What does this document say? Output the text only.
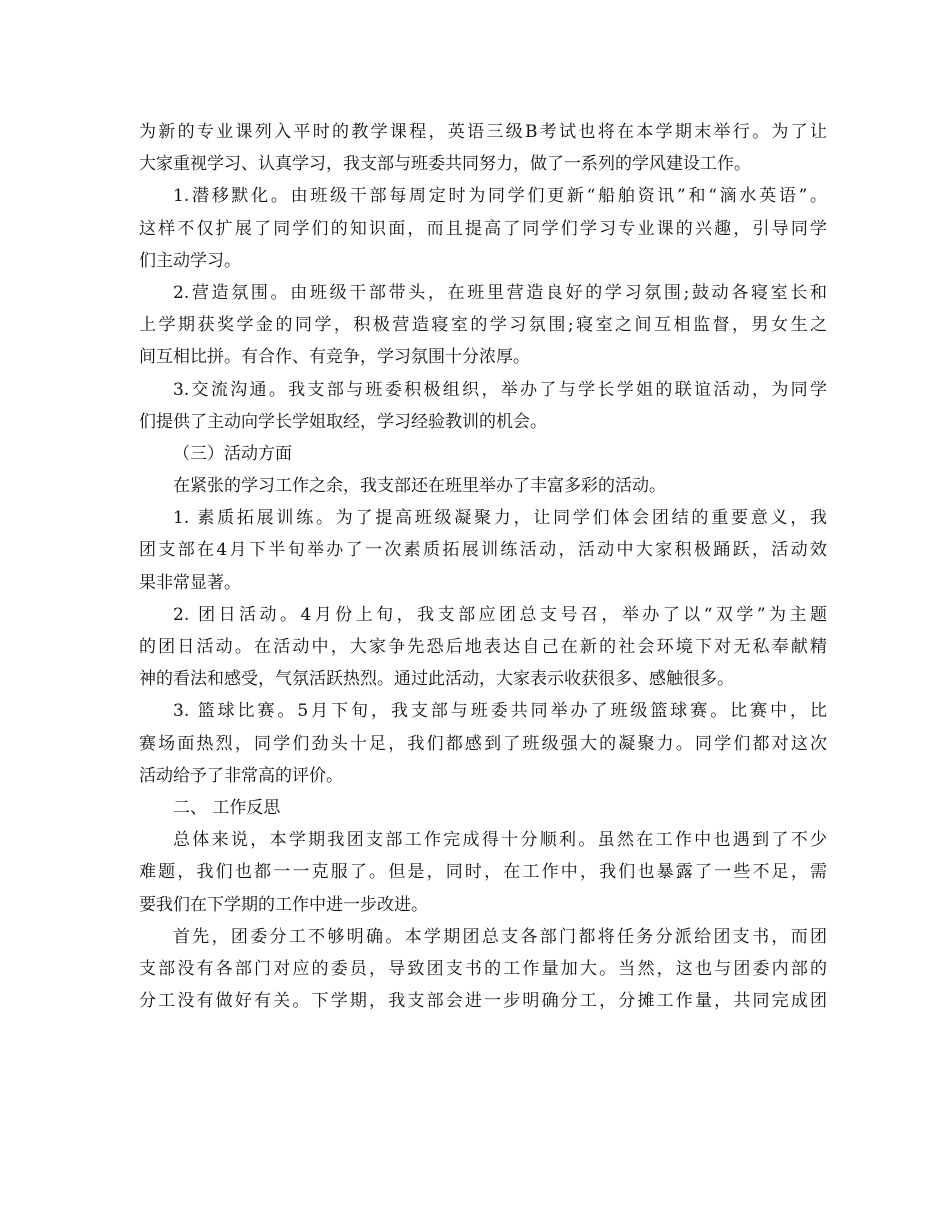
为新的专业课列入平时的教学课程，英语三级B考试也将在本学期末举行。为了让
大家重视学习、认真学习，我支部与班委共同努力，做了一系列的学风建设工作。
1.潜移默化。由班级干部每周定时为同学们更新“船舶资讯”和“滴水英语”。
这样不仅扩展了同学们的知识面，而且提高了同学们学习专业课的兴趣，引导同学
们主动学习。
2.营造氛围。由班级干部带头，在班里营造良好的学习氛围;鼓动各寝室长和
上学期获奖学金的同学，积极营造寝室的学习氛围;寝室之间互相监督，男女生之
间互相比拼。有合作、有竞争，学习氛围十分浓厚。
3.交流沟通。我支部与班委积极组织，举办了与学长学姐的联谊活动，为同学
们提供了主动向学长学姐取经，学习经验教训的机会。
（三）活动方面
在紧张的学习工作之余，我支部还在班里举办了丰富多彩的活动。
1. 素质拓展训练。为了提高班级凝聚力，让同学们体会团结的重要意义，我
团支部在4月下半旬举办了一次素质拓展训练活动，活动中大家积极踊跃，活动效
果非常显著。
2. 团日活动。4月份上旬，我支部应团总支号召，举办了以“双学”为主题
的团日活动。在活动中，大家争先恐后地表达自己在新的社会环境下对无私奉献精
神的看法和感受，气氛活跃热烈。通过此活动，大家表示收获很多、感触很多。
3. 篮球比赛。5月下旬，我支部与班委共同举办了班级篮球赛。比赛中，比
赛场面热烈，同学们劲头十足，我们都感到了班级强大的凝聚力。同学们都对这次
活动给予了非常高的评价。
二、 工作反思
总体来说，本学期我团支部工作完成得十分顺利。虽然在工作中也遇到了不少
难题，我们也都一一克服了。但是，同时，在工作中，我们也暴露了一些不足，需
要我们在下学期的工作中进一步改进。
首先，团委分工不够明确。本学期团总支各部门都将任务分派给团支书，而团
支部没有各部门对应的委员，导致团支书的工作量加大。当然，这也与团委内部的
分工没有做好有关。下学期，我支部会进一步明确分工，分摊工作量，共同完成团
